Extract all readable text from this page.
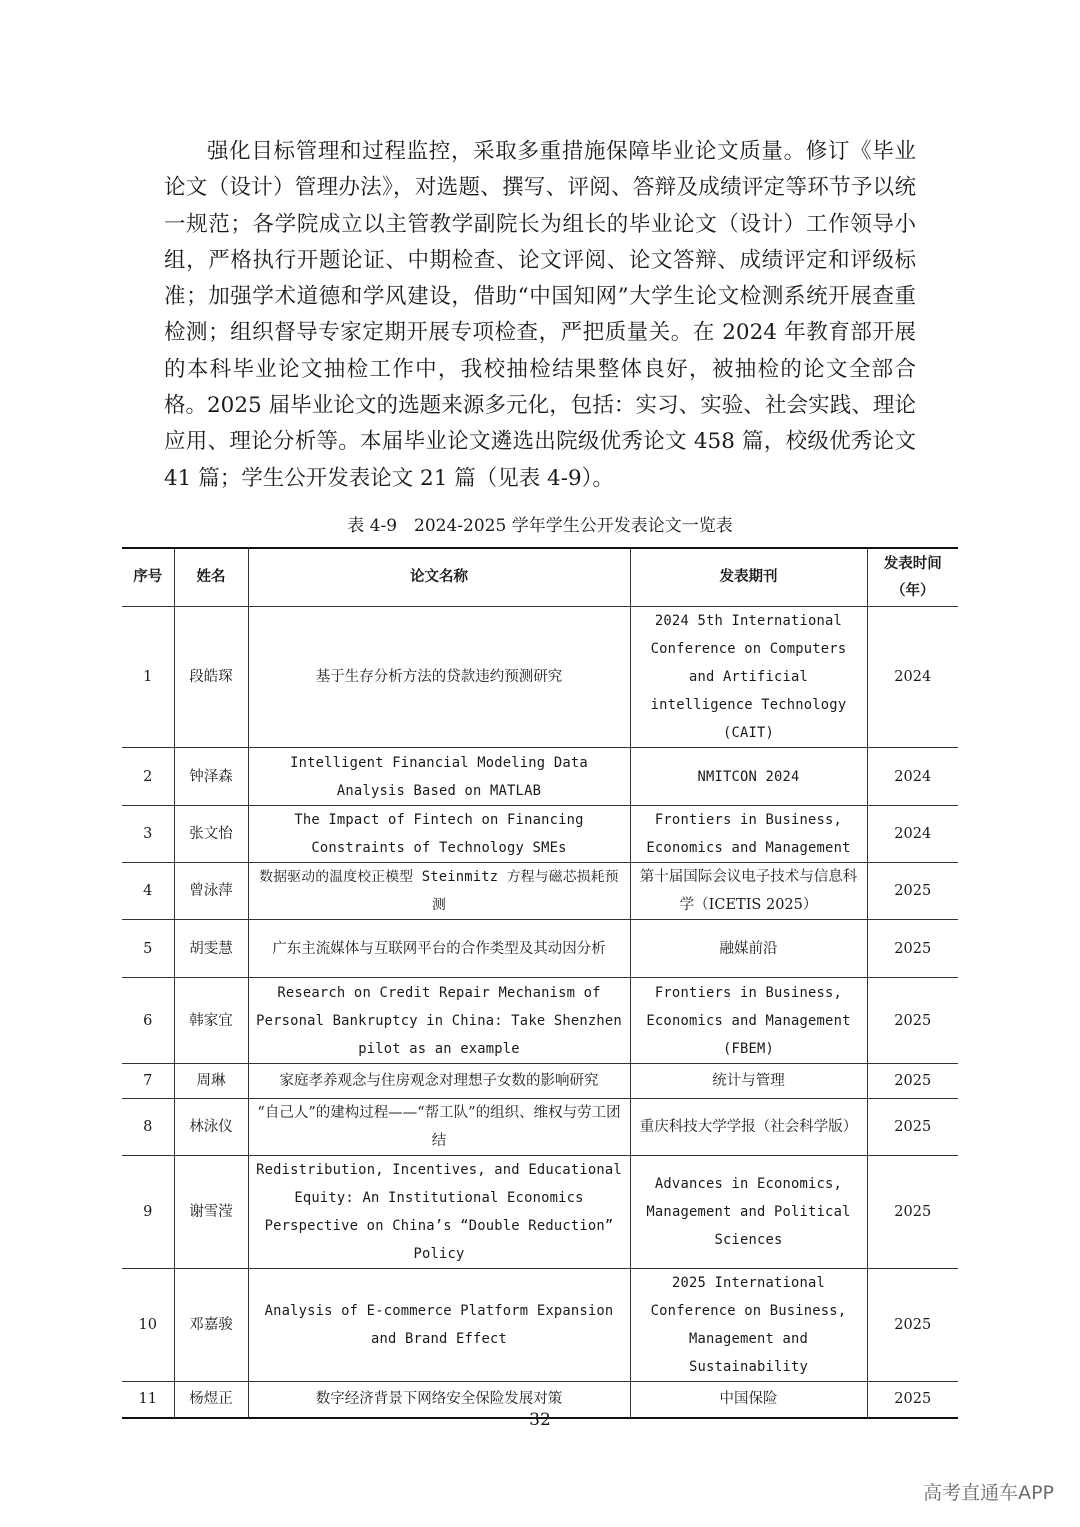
强化目标管理和过程监控，采取多重措施保障毕业论文质量。修订《毕业论文（设计）管理办法》，对选题、撰写、评阅、答辩及成绩评定等环节予以统一规范；各学院成立以主管教学副院长为组长的毕业论文（设计）工作领导小组，严格执行开题论证、中期检查、论文评阅、论文答辩、成绩评定和评级标准；加强学术道德和学风建设，借助“中国知网”大学生论文检测系统开展查重检测；组织督导专家定期开展专项检查，严把质量关。在 2024 年教育部开展的本科毕业论文抽检工作中，我校抽检结果整体良好，被抽检的论文全部合格。 2025 届毕业论文的选题来源多元化，包括：实习、实验、社会实践、理论应用、理论分析等。本届毕业论文遴选出院级优秀论文 458 篇，校级优秀论文 41 篇；学生公开发表论文 21 篇（见表 4-9）。

表 4-9　2024-2025 学年学生公开发表论文一览表
序号	姓名	论文名称	发表期刊	发表时间（年）
1	段皓琛	基于生存分析方法的贷款违约预测研究	2024 5th International Conference on Computers and Artificial intelligence Technology (CAIT)	2024
2	钟泽森	Intelligent Financial Modeling Data Analysis Based on MATLAB	NMITCON 2024	2024
3	张文怡	The Impact of Fintech on Financing Constraints of Technology SMEs	Frontiers in Business, Economics and Management	2024
4	曾泳萍	数据驱动的温度校正模型 Steinmitz 方程与磁芯损耗预测	第十届国际会议电子技术与信息科学（ICETIS 2025）	2025
5	胡雯慧	广东主流媒体与互联网平台的合作类型及其动因分析	融媒前沿	2025
6	韩家宜	Research on Credit Repair Mechanism of Personal Bankruptcy in China: Take Shenzhen pilot as an example	Frontiers in Business, Economics and Management (FBEM)	2025
7	周琳	家庭孝养观念与住房观念对理想子女数的影响研究	统计与管理	2025
8	林泳仪	“自己人”的建构过程——“帮工队”的组织、维权与劳工团结	重庆科技大学学报（社会科学版）	2025
9	谢雪滢	Redistribution, Incentives, and Educational Equity: An Institutional Economics Perspective on China’s “Double Reduction” Policy	Advances in Economics, Management and Political Sciences	2025
10	邓嘉骏	Analysis of E-commerce Platform Expansion and Brand Effect	2025 International Conference on Business, Management and Sustainability	2025
11	杨煜正	数字经济背景下网络安全保险发展对策	中国保险	2025
32
高考直通车APP
